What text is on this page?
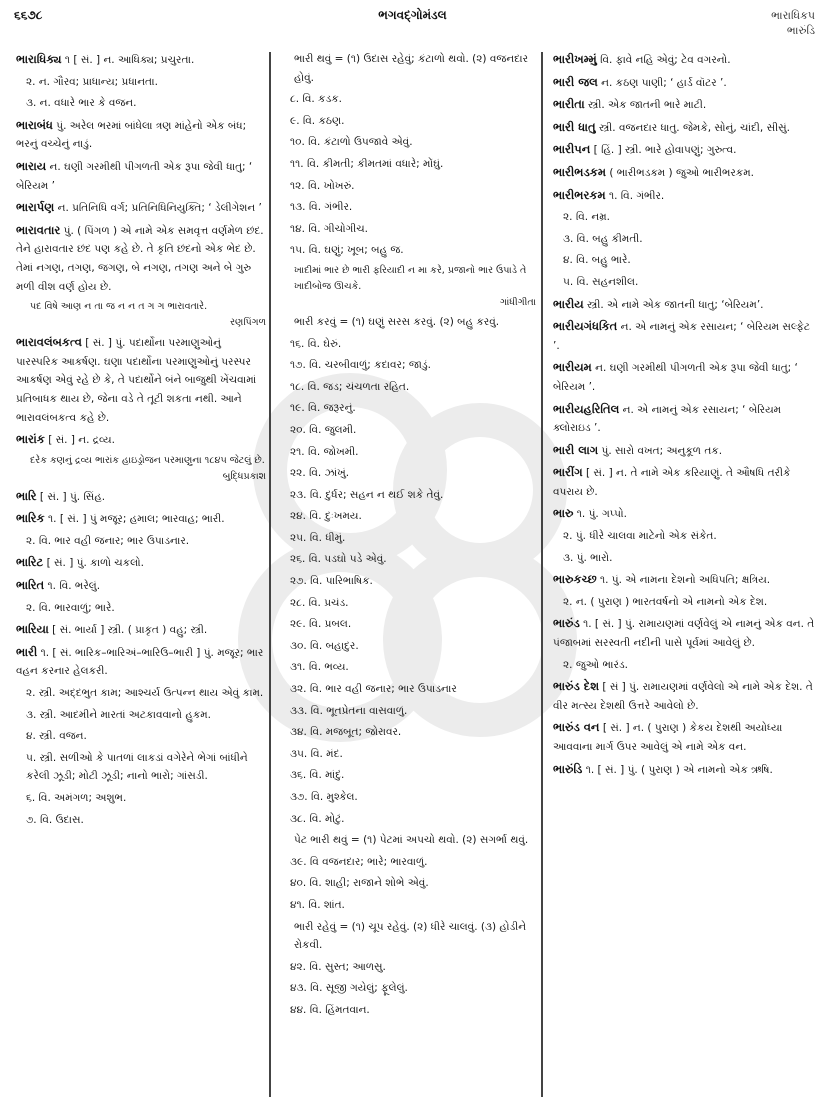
૬૬૭૮	ભગવદ્ગોમંડલ	ભારાધિકપ
ભારુંડિ
ભારાધિક્ય ૧ [ સં. ] ન. આધિક્ય; પ્રચુરતા.
૨. ન. ગૌરવ; પ્રાધાન્ય; પ્રધાનતા.
૩. ન. વધારે ભાર કે વજન.
ભારાબંધ પું. અરેલ ભરમાં બાંધેલા ત્રણ માંહેનો એક બંધ; ભરનું વચ્ચેનું નાડું.
ભારાય ન. ઘણી ગરમીથી પીગળતી એક રૂપા જેવી ધાતુ; ‘ બેરિયમ ’
ભારાર્પણ ન. પ્રતિનિધિ વર્ગ; પ્રતિનિધિનિયુક્તિ; ‘ ડેલીગેશન ’
ભારાવતાર પું. ( પિંગળ ) એ નામે એક સમવૃત્ત વર્ણમેળ છંદ. તેને હારાવતાર છંદ પણ કહે છે. તે કૃતિ છંદનો એક ભેદ છે. તેમાં નગણ, તગણ, જગણ, બે નગણ, તગણ અને બે ગુરુ મળી વીશ વર્ણ હોય છે.
પદ વિષે આણ ન તા જ ન ન ત ગ ગ ભારાવતારે.
રણપિંગળ
ભારાવલંબકત્વ [ સં. ] પું. પદાર્થોના પરમાણુઓનું પારસ્પરિક આકર્ષણ. ઘણા પદાર્થોના પરમાણુઓનું પરસ્પર આકર્ષણ એવું રહે છે કે, તે પદાર્થોને બંને બાજુથી ખેંચવામાં પ્રતિબાધક થાય છે, જેના વડે તે તૂટી શકતા નથી. આને ભારાવલંબકત્વ કહે છે.
ભારાંક [ સં. ] ન. દ્રવ્ય.
દરેક કણનું દ્રવ્ય ભારાંક હાઇડ્રોજન પરમાણુના ૧૮૪૫ જેટલું છે.
બુદ્ધિપ્રકાશ
ભારિ [ સં. ] પું. સિંહ.
ભારિક ૧. [ સં. ] પું મજૂર; હમાલ; ભારવાહ; ભારી.
૨. વિ. ભાર વહી જનાર; ભાર ઉપાડનાર.
ભારિટ [ સં. ] પું. કાળો ચકલો.
ભારિત ૧. વિ. ભરેલું.
૨. વિ. ભારવાળું; ભારે.
ભારિયા [ સં. ભાર્યા ] સ્ત્રી. ( પ્રાકૃત ) વહુ; સ્ત્રી.
ભારી ૧. [ સં. ભારિક–ભારિઅં–ભારિઉ–ભારી ] પું. મજૂર; ભાર વહન કરનાર હેલકરી.
૨. સ્ત્રી. અદ્દભુત કામ; આશ્ચર્ય ઉત્પન્ન થાય એવું કામ.
૩. સ્ત્રી. આદમીને મારતાં અટકાવવાનો હુકમ.
૪. સ્ત્રી. વજન.
૫. સ્ત્રી. સળીઓ કે પાતળાં લાકડાં વગેરેને ભેગાં બાંધીને કરેલી ઝૂડી; મોટી ઝૂડી; નાનો ભારો; ગાંસડી.
૬. વિ. અમંગળ; અશુભ.
૭. વિ. ઉદાસ.
ભારી થવું = (૧) ઉદાસ રહેવું; કંટાળો થવો. (૨) વજનદાર હોવું.
૮. વિ. કડક.
૯. વિ. કઠણ.
૧૦. વિ. કંટાળો ઉપજાવે એવું.
૧૧. વિ. કીમતી; કીમતમાં વધારે; મોંઘું.
૧૨. વિ. ખોખરું.
૧૩. વિ. ગંભીર.
૧૪. વિ. ગીચોગીચ.
૧૫. વિ. ઘણું; ખૂબ; બહુ જ.
ખાદીમાં ભાર છે ભારી ફરિયાદી ન મા કરે, પ્રજાનો ભાર ઉપાડે તે ખાદીબોજ ઊચકે.
ગાંધીગીતા
ભારી કરવું = (૧) ઘણું સરસ કરવું. (૨) બહુ કરવું.
૧૬. વિ. ઘેરું.
૧૭. વિ. ચરબીવાળું; કદાવર; જાડું.
૧૮. વિ. જડ; ચંચળતા રહિત.
૧૯. વિ. જરૂરનું.
૨૦. વિ. જુલમી.
૨૧. વિ. જોખમી.
૨૨. વિ. ઝાંખું.
૨૩. વિ. દુર્ધર; સહન ન થઈ શકે તેવું.
૨૪. વિ. દુઃખમય.
૨૫. વિ. ધીમું.
૨૬. વિ. પડઘો પડે એવું.
૨૭. વિ. પારિભાષિક.
૨૮. વિ. પ્રચંડ.
૨૯. વિ. પ્રબલ.
૩૦. વિ. બહાદુર.
૩૧. વિ. ભવ્ય.
૩૨. વિ. ભાર વહી જનાર; ભાર ઉપાડનાર
૩૩. વિ. ભૂતપ્રેતના વાસવાળું.
૩૪. વિ. મજબૂત; જોરાવર.
૩૫. વિ. મંદ.
૩૬. વિ. માંદું.
૩૭. વિ. મુશ્કેલ.
૩૮. વિ. મોટું.
પેટ ભારી થવું = (૧) પેટમાં અપચો થવો. (૨) સગર્ભા થવું.
૩૯. વિ વજનદાર; ભારે; ભારવાળું.
૪૦. વિ. શાહી; રાજાને શોભે એવું.
૪૧. વિ. શાંત.
ભારી રહેવું = (૧) ચૂપ રહેવું. (૨) ધીરે ચાલવું. (૩) હોડીને રોકવી.
૪૨. વિ. સુસ્ત; આળસુ.
૪૩. વિ. સૂજી ગયેલું; ફૂલેલું.
૪૪. વિ. હિંમતવાન.
ભારીખમ્મું વિ. ફાવે નહિ એવું; ટેવ વગરનો.
ભારી જલ ન. કઠણ પાણી; ‘ હાર્ડ વૉટર ’.
ભારીતા સ્ત્રી. એક જાતની ભારે માટી.
ભારી ધાતુ સ્ત્રી. વજનદાર ધાતુ. જેમકે, સોનું, ચાંદી, સીસું.
ભારીપન [ હિં. ] સ્ત્રી. ભારે હોવાપણું; ગુરુત્વ.
ભારીભડકમ ( ભારીભડકમ ) જુઓ ભારીભરકમ.
ભારીભરકમ ૧. વિ. ગંભીર.
૨. વિ. નમ્ર.
૩. વિ. બહુ કીમતી.
૪. વિ. બહુ ભારે.
૫. વિ. સહનશીલ.
ભારીય સ્ત્રી. એ નામે એક જાતની ધાતુ; ‘બેરિયમ’.
ભારીયગંધકિત ન. એ નામનું એક રસાયન; ‘ બેરિયમ સલ્ફેટ ’.
ભારીયમ ન. ઘણી ગરમીથી પીગળતી એક રૂપા જેવી ધાતુ; ‘ બેરિયમ ’.
ભારીયહરિતિલ ન. એ નામનું એક રસાયન; ‘ બેરિયમ ક્લોરાઇડ ’.
ભારી લાગ પું. સારો વખત; અનુકૂળ તક.
ભારીંગ [ સં. ] ન. તે નામે એક કરિયાણું. તે ઔષધિ તરીકે વપરાય છે.
ભારુ ૧. પું. ગપ્પો.
૨. પું. ધીરે ચાલવા માટેનો એક સંકેત.
૩. પું. ભારો.
ભારુકચ્છ ૧. પું. એ નામના દેશનો અધિપતિ; ક્ષત્રિય.
૨. ન. ( પુરાણ ) ભારતવર્ષનો એ નામનો એક દેશ.
ભારુંડ ૧. [ સં. ] પું. રામાયણમાં વર્ણવેલું એ નામનું એક વન. તે પંજાબમાં સરસ્વતી નદીની પાસે પૂર્વમાં આવેલું છે.
૨. જુઓ ભારંડ.
ભારુંડ દેશ [ સં ] પું. રામાયણમાં વર્ણવેલો એ નામે એક દેશ. તે વીર મત્સ્ય દેશથી ઉત્તરે આવેલો છે.
ભારુંડ વન [ સં. ] ન. ( પુરાણ ) કેકય દેશથી અયોધ્યા આવવાના માર્ગ ઉપર આવેલું એ નામે એક વન.
ભારુંડિ ૧. [ સં. ] પું. ( પુરાણ ) એ નામનો એક ઋષિ.
